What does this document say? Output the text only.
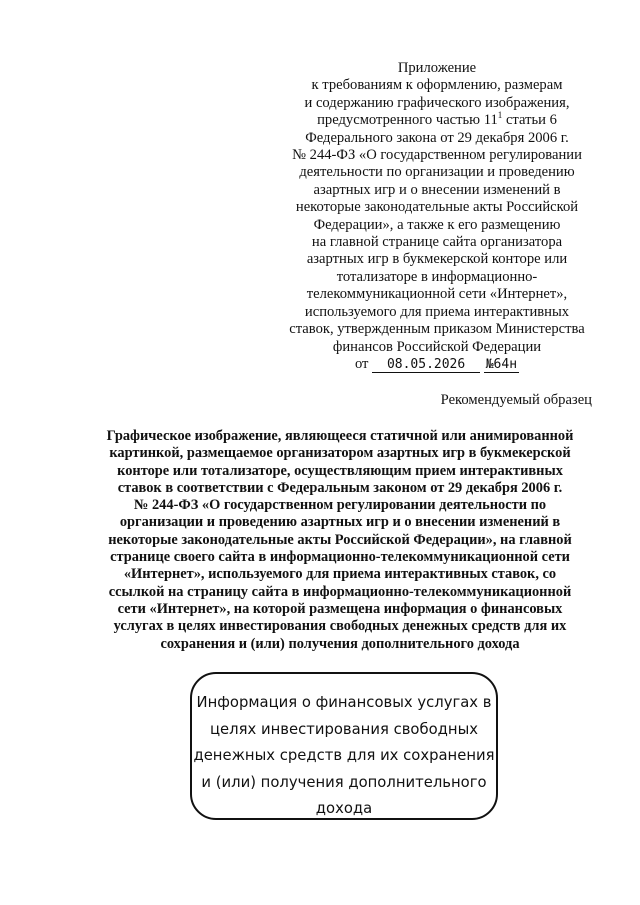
Приложение
к требованиям к оформлению, размерам
и содержанию графического изображения,
предусмотренного частью $11^1$ статьи 6
Федерального закона от 29 декабря 2006 г.
№ 244-ФЗ «О государственном регулировании
деятельности по организации и проведению
азартных игр и о внесении изменений в
некоторые законодательные акты Российской
Федерации», а также к его размещению
на главной странице сайта организатора
азартных игр в букмекерской конторе или
тотализаторе в информационно-
телекоммуникационной сети «Интернет»,
используемого для приема интерактивных
ставок, утвержденным приказом Министерства
финансов Российской Федерации
от 08.05.2026 №64н
Рекомендуемый образец
Графическое изображение, являющееся статичной или анимированной
картинкой, размещаемое организатором азартных игр в букмекерской
конторе или тотализаторе, осуществляющим прием интерактивных
ставок в соответствии с Федеральным законом от 29 декабря 2006 г.
№ 244-ФЗ «О государственном регулировании деятельности по
организации и проведению азартных игр и о внесении изменений в
некоторые законодательные акты Российской Федерации», на главной
странице своего сайта в информационно-телекоммуникационной сети
«Интернет», используемого для приема интерактивных ставок, со
ссылкой на страницу сайта в информационно-телекоммуникационной
сети «Интернет», на которой размещена информация о финансовых
услугах в целях инвестирования свободных денежных средств для их
сохранения и (или) получения дополнительного дохода
Информация о финансовых услугах в
целях инвестирования свободных
денежных средств для их сохранения
и (или) получения дополнительного
дохода
